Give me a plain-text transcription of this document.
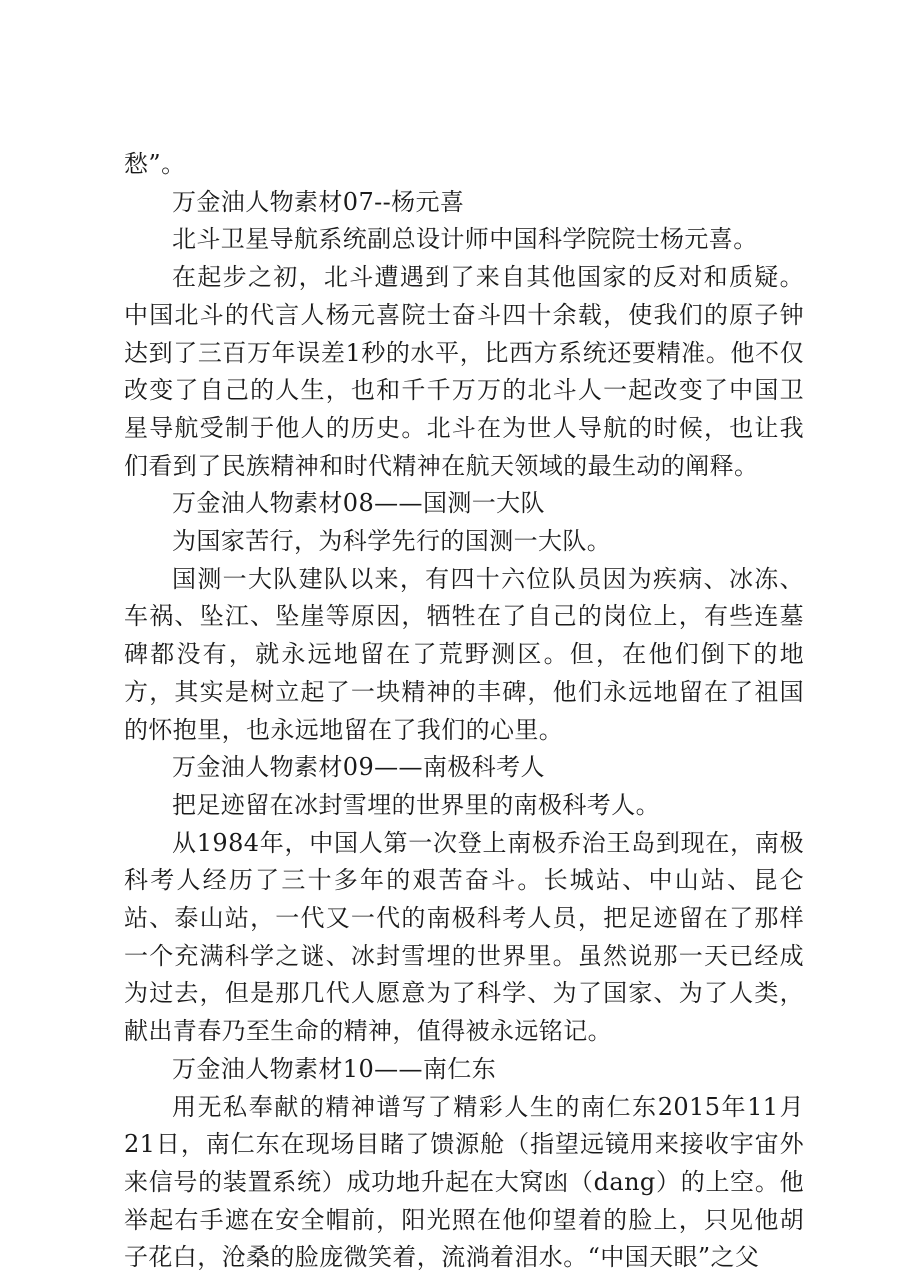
愁”。

万金油人物素材07--杨元喜

北斗卫星导航系统副总设计师中国科学院院士杨元喜。

在起步之初，北斗遭遇到了来自其他国家的反对和质疑。中国北斗的代言人杨元喜院士奋斗四十余载，使我们的原子钟达到了三百万年误差1秒的水平，比西方系统还要精准。他不仅改变了自己的人生，也和千千万万的北斗人一起改变了中国卫星导航受制于他人的历史。北斗在为世人导航的时候，也让我们看到了民族精神和时代精神在航天领域的最生动的阐释。

万金油人物素材08——国测一大队

为国家苦行，为科学先行的国测一大队。

国测一大队建队以来，有四十六位队员因为疾病、冰冻、车祸、坠江、坠崖等原因，牺牲在了自己的岗位上，有些连墓碑都没有，就永远地留在了荒野测区。但，在他们倒下的地方，其实是树立起了一块精神的丰碑，他们永远地留在了祖国的怀抱里，也永远地留在了我们的心里。

万金油人物素材09——南极科考人

把足迹留在冰封雪埋的世界里的南极科考人。

从1984年，中国人第一次登上南极乔治王岛到现在，南极科考人经历了三十多年的艰苦奋斗。长城站、中山站、昆仑站、泰山站，一代又一代的南极科考人员，把足迹留在了那样一个充满科学之谜、冰封雪埋的世界里。虽然说那一天已经成为过去，但是那几代人愿意为了科学、为了国家、为了人类，献出青春乃至生命的精神，值得被永远铭记。

万金油人物素材10——南仁东

用无私奉献的精神谱写了精彩人生的南仁东2015年11月21日，南仁东在现场目睹了馈源舱（指望远镜用来接收宇宙外来信号的装置系统）成功地升起在大窝凼（dang）的上空。他举起右手遮在安全帽前，阳光照在他仰望着的脸上，只见他胡子花白，沧桑的脸庞微笑着，流淌着泪水。“中国天眼”之父
